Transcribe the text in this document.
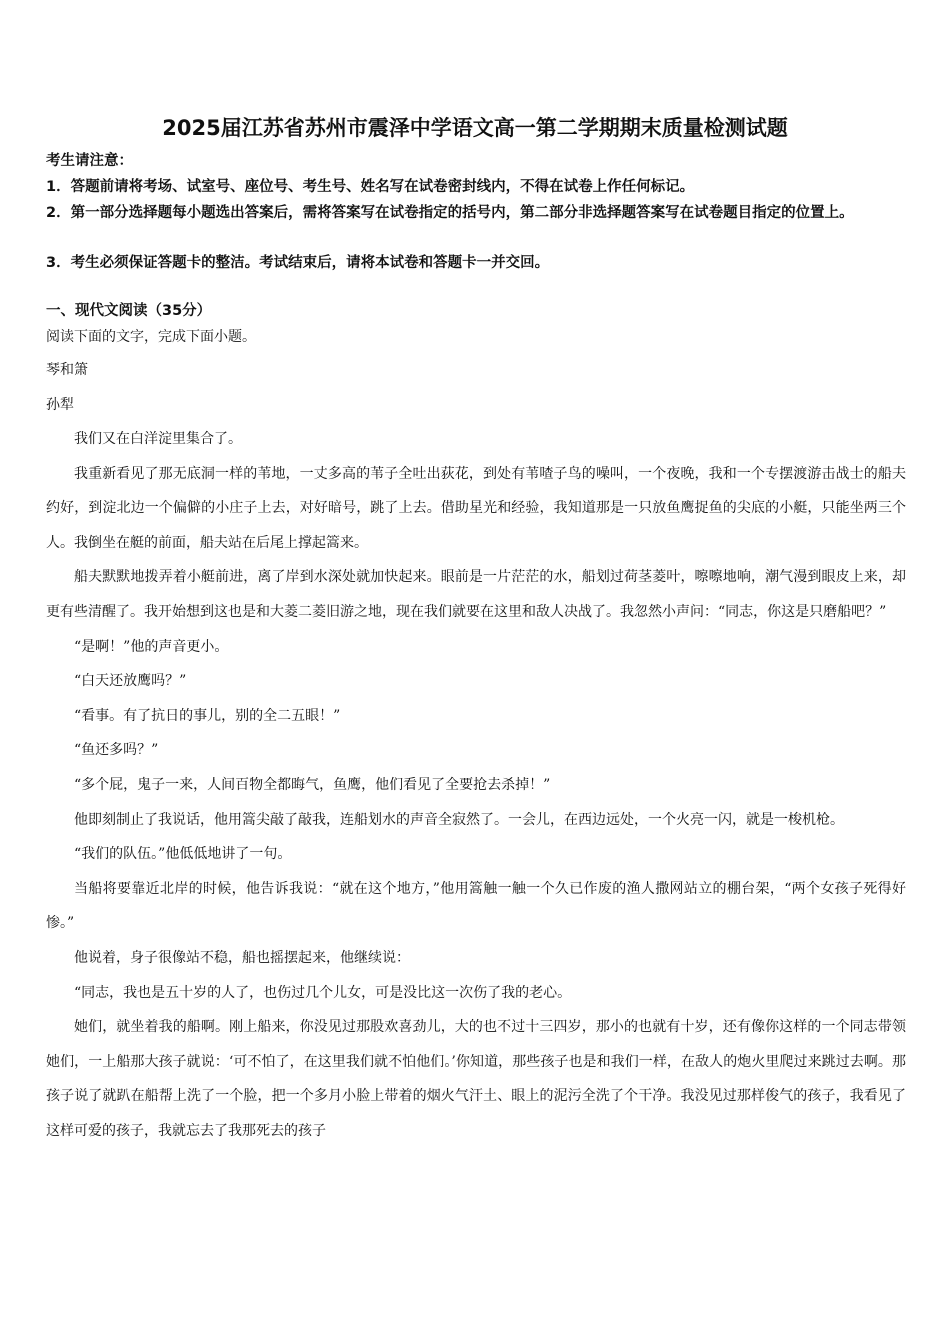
2025届江苏省苏州市震泽中学语文高一第二学期期末质量检测试题
考生请注意：
1．答题前请将考场、试室号、座位号、考生号、姓名写在试卷密封线内，不得在试卷上作任何标记。
2．第一部分选择题每小题选出答案后，需将答案写在试卷指定的括号内，第二部分非选择题答案写在试卷题目指定的位置上。
3．考生必须保证答题卡的整洁。考试结束后，请将本试卷和答题卡一并交回。
一、现代文阅读（35分）
阅读下面的文字，完成下面小题。
琴和箫
孙犁

我们又在白洋淀里集合了。

我重新看见了那无底洞一样的苇地，一丈多高的苇子全吐出荻花，到处有苇喳子鸟的噪叫，一个夜晚，我和一个专摆渡游击战士的船夫约好，到淀北边一个偏僻的小庄子上去，对好暗号，跳了上去。借助星光和经验，我知道那是一只放鱼鹰捉鱼的尖底的小艇，只能坐两三个人。我倒坐在艇的前面，船夫站在后尾上撑起篙来。

船夫默默地拨弄着小艇前进，离了岸到水深处就加快起来。眼前是一片茫茫的水，船划过荷茎菱叶，嚓嚓地响，潮气漫到眼皮上来，却更有些清醒了。我开始想到这也是和大菱二菱旧游之地，现在我们就要在这里和敌人决战了。我忽然小声问：“同志，你这是只磨船吧？”

“是啊！”他的声音更小。

“白天还放鹰吗？”

“看事。有了抗日的事儿，别的全二五眼！”

“鱼还多吗？”

“多个屁，鬼子一来，人间百物全都晦气，鱼鹰，他们看见了全要抢去杀掉！”

他即刻制止了我说话，他用篙尖敲了敲我，连船划水的声音全寂然了。一会儿，在西边远处，一个火亮一闪，就是一梭机枪。

“我们的队伍。”他低低地讲了一句。

当船将要靠近北岸的时候，他告诉我说：“就在这个地方，”他用篙触一触一个久已作废的渔人撒网站立的棚台架，“两个女孩子死得好惨。”

他说着，身子很像站不稳，船也摇摆起来，他继续说：

“同志，我也是五十岁的人了，也伤过几个儿女，可是没比这一次伤了我的老心。

她们，就坐着我的船啊。刚上船来，你没见过那股欢喜劲儿，大的也不过十三四岁，那小的也就有十岁，还有像你这样的一个同志带领她们，一上船那大孩子就说：‘可不怕了，在这里我们就不怕他们。’你知道，那些孩子也是和我们一样，在敌人的炮火里爬过来跳过去啊。那孩子说了就趴在船帮上洗了一个脸，把一个多月小脸上带着的烟火气汗土、眼上的泥污全洗了个干净。我没见过那样俊气的孩子，我看见了这样可爱的孩子，我就忘去了我那死去的孩子
